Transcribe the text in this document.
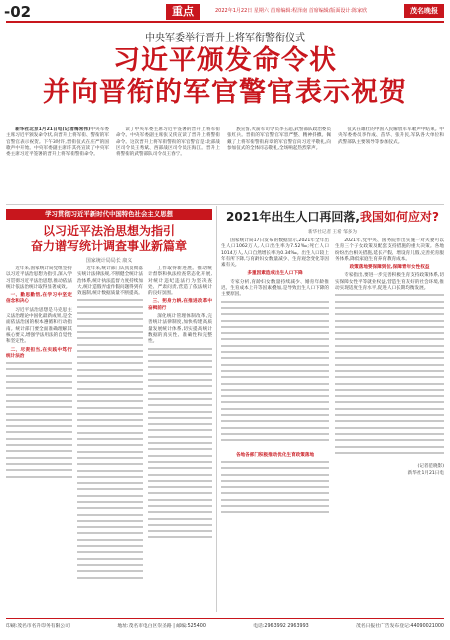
-02	重点	2022年1月22日 星期六 首席编辑:程泽南 首席编辑/版面设计:陈家欣	茂名晚报
中央军委举行晋升上将军衔警衔仪式
习近平颁发命令状
并向晋衔的军官警官表示祝贺

新华社北京1月21日电(记者梅常伟)中央军委主席习近平颁发命令状,向晋升上将军衔、警衔的军官警官表示祝贺。下午3时许,晋衔仪式在庄严的国歌声中开始。中央军委副主席许其亮宣读了中央军委主席习近平签署的晋升上将军衔警衔命令。

读了中央军委主席习近平签署的晋升上将军衔命令。中央军委副主席张又侠宣读了晋升上将警衔命令。这次晋升上将军衔警衔的军官警官是:北部战区司令员王秀斌、西部战区司令员汪海江。晋升上将警衔的武警部队司令员王春宁。

族宣誓,火箭军司令员李玉超,武警部队政治委员张红兵。晋衔的军官警官军容严整、精神抖擞。佩戴了上将军衔警衔肩章的军官警官向习近平敬礼,向参加仪式的全体同志敬礼,全场响起热烈掌声。

仪式在雄壮的中国人民解放军军歌声中结束。中央军委委员李作成、苗华、张升民,军队各大单位和武警部队主要领导等参加仪式。

学习贯彻习近平新时代中国特色社会主义思想
以习近平法治思想为指引
奋力谱写统计调查事业新篇章
国家统计局局长 康义

近年来,国家统计局党组坚持以习近平法治思想为指引,深入学习贯彻习近平法治思想,推动依法统计依法治统计取得显著成效。

一、勤思勤悟,在学习中坚定信念和决心

习近平法治思想是马克思主义法治理论中国化最新成果,是全面依法治国的根本遵循和行动指南。统计部门要全面准确理解其核心要义,增强学法用法的自觉性和坚定性。

二、尽责担当,在实践中笃行统计法治

近年来,统计部门认真贯彻落实统计法律法规,不断健全统计法治体系,统计执法监督力度持续加大,统计造假弄虚作假问题得到有效遏制,统计数据质量不断提高。

工作取得新进展。推动统计督察和执法检查常态化开展,对统计违纪违法行为坚决查处、严肃问责,营造了依法统计的良好氛围。

三、躬身力耕,在推进改革中奋楫前行

深化统计管理体制改革,完善统计法律制度,加快构建高质量发展统计体系,切实提高统计数据的真实性、准确性和完整性。

2021年出生人口再回落,我国如何应对?
新华社记者 王希 邹多为

国家统计局17日发布的数据显示,2021年全年出生人口1062万人,人口出生率为7.52‰;死亡人口1014万人,人口自然增长率为0.34‰。出生人口较上年有所下降,与育龄妇女数量减少、生育观念变化等因素有关。

多重因素造成出生人口下降

专家分析,育龄妇女数量持续减少、婚育年龄推迟、生育成本上升等因素叠加,是导致出生人口下降的主要原因。

各地各部门积极推动优化生育政策落地

2021年,党中央、国务院作出实施一对夫妻可以生育三个子女政策及配套支持措施的重大决策。各地纷纷出台相关措施,延长产假、增设育儿假,完善托育服务体系,降低家庭生育养育教育成本。

政策落地要保障到位,保障青年女性权益

专家指出,要进一步完善积极生育支持政策体系,切实保障女性平等就业权益,营造生育友好的社会环境,推动实现适度生育水平,促进人口长期均衡发展。

(记者范晓影)

新华社1月21日电

印刷:茂名市名升印务有限公司	地址:茂名市电白区崇圣路 | 邮编:525400	电话:2963992 2963993	茂名日报社广告发布登记:44090021000
